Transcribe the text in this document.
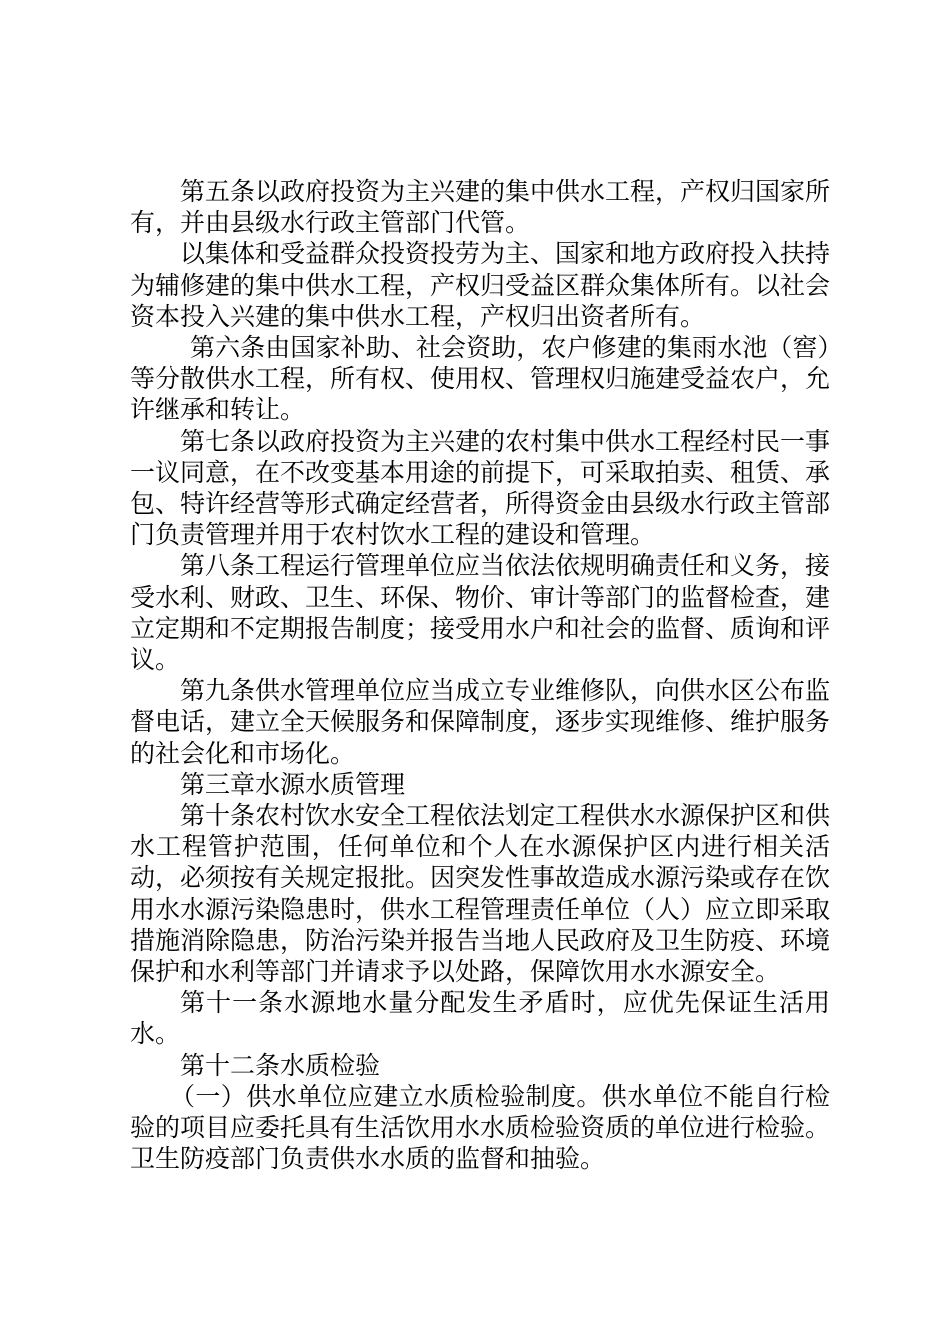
第五条以政府投资为主兴建的集中供水工程，产权归国家所有，并由县级水行政主管部门代管。

以集体和受益群众投资投劳为主、国家和地方政府投入扶持为辅修建的集中供水工程，产权归受益区群众集体所有。以社会资本投入兴建的集中供水工程，产权归出资者所有。

第六条由国家补助、社会资助，农户修建的集雨水池（窖）等分散供水工程，所有权、使用权、管理权归施建受益农户，允许继承和转让。

第七条以政府投资为主兴建的农村集中供水工程经村民一事一议同意，在不改变基本用途的前提下，可采取拍卖、租赁、承包、特许经营等形式确定经营者，所得资金由县级水行政主管部门负责管理并用于农村饮水工程的建设和管理。

第八条工程运行管理单位应当依法依规明确责任和义务，接受水利、财政、卫生、环保、物价、审计等部门的监督检查，建立定期和不定期报告制度；接受用水户和社会的监督、质询和评议。

第九条供水管理单位应当成立专业维修队，向供水区公布监督电话，建立全天候服务和保障制度，逐步实现维修、维护服务的社会化和市场化。

第三章水源水质管理

第十条农村饮水安全工程依法划定工程供水水源保护区和供水工程管护范围，任何单位和个人在水源保护区内进行相关活动，必须按有关规定报批。因突发性事故造成水源污染或存在饮用水水源污染隐患时，供水工程管理责任单位（人）应立即采取措施消除隐患，防治污染并报告当地人民政府及卫生防疫、环境保护和水利等部门并请求予以处路，保障饮用水水源安全。

第十一条水源地水量分配发生矛盾时，应优先保证生活用水。

第十二条水质检验

（一）供水单位应建立水质检验制度。供水单位不能自行检验的项目应委托具有生活饮用水水质检验资质的单位进行检验。卫生防疫部门负责供水水质的监督和抽验。
